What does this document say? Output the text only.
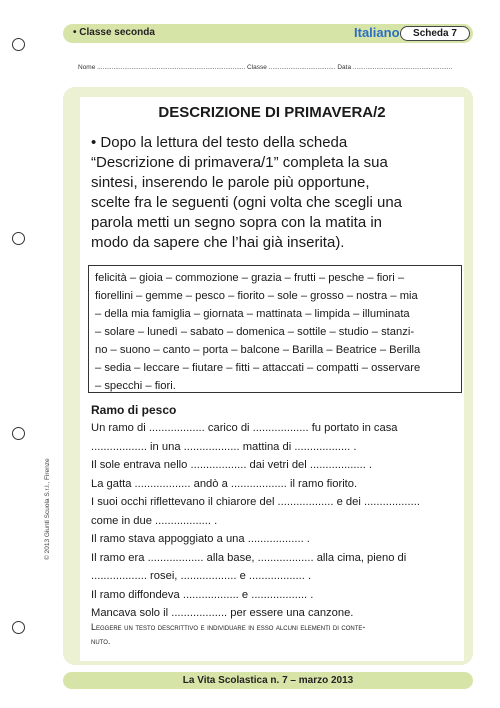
© 2013 Giunti Scuola S.r.l., Firenze
• Classe seconda	Italiano	Scheda 7
Nome .................................................................................. Classe ..................................... Data .......................................................
DESCRIZIONE DI PRIMAVERA/2

• Dopo la lettura del testo della scheda

“Descrizione di primavera/1” completa la sua

sintesi, inserendo le parole più opportune,

scelte fra le seguenti (ogni volta che scegli una

parola metti un segno sopra con la matita in

modo da sapere che l’hai già inserita).

felicità – gioia – commozione – grazia – frutti – pesche – fiori –
fiorellini – gemme – pesco – fiorito – sole – grosso – nostra – mia
– della mia famiglia – giornata – mattinata – limpida – illuminata
– solare – lunedì – sabato – domenica – sottile – studio – stanzi-
no – suono – canto – porta – balcone – Barilla – Beatrice – Berilla
– sedia – leccare – fiutare – fitti – attaccati – compatti – osservare
– specchi – fiori.
Ramo di pesco
Un ramo di .................. carico di .................. fu portato in casa
.................. in una .................. mattina di .................. .
Il sole entrava nello .................. dai vetri del .................. .
La gatta .................. andò a .................. il ramo fiorito.
I suoi occhi riflettevano il chiarore del .................. e dei ..................
come in due .................. .
Il ramo stava appoggiato a una .................. .
Il ramo era .................. alla base, .................. alla cima, pieno di
.................. rosei, .................. e .................. .
Il ramo diffondeva .................. e .................. .
Mancava solo il .................. per essere una canzone.
Leggere un testo descrittivo e individuare in esso alcuni elementi di conte-
nuto.
La Vita Scolastica n. 7 – marzo 2013
